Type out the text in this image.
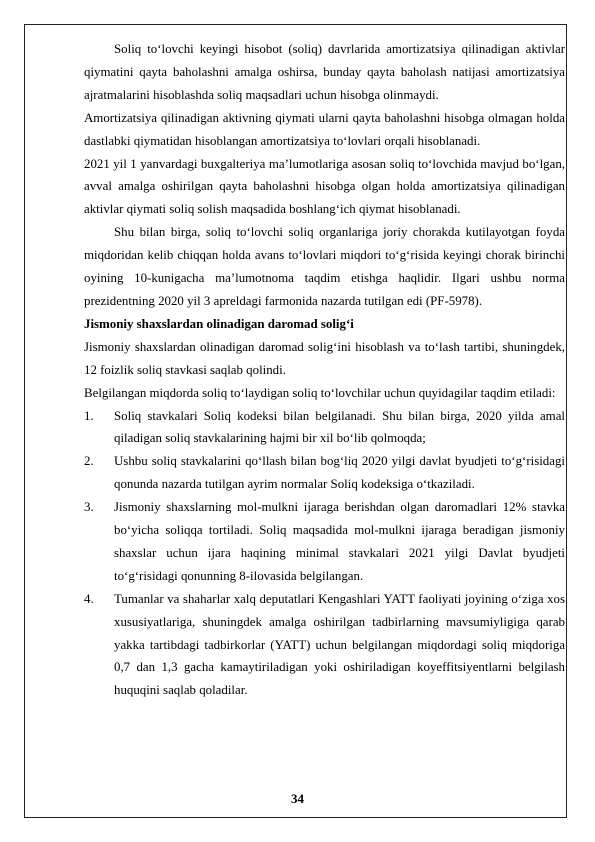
Soliq to‘lovchi keyingi hisobot (soliq) davrlarida amortizatsiya qilinadigan aktivlar qiymatini qayta baholashni amalga oshirsa, bunday qayta baholash natijasi amortizatsiya ajratmalarini hisoblashda soliq maqsadlari uchun hisobga olinmaydi.

Amortizatsiya qilinadigan aktivning qiymati ularni qayta baholashni hisobga olmagan holda dastlabki qiymatidan hisoblangan amortizatsiya to‘lovlari orqali hisoblanadi.

2021 yil 1 yanvardagi buxgalteriya ma’lumotlariga asosan soliq to‘lovchida mavjud bo‘lgan, avval amalga oshirilgan qayta baholashni hisobga olgan holda amortizatsiya qilinadigan aktivlar qiymati soliq solish maqsadida boshlang‘ich qiymat hisoblanadi.

Shu bilan birga, soliq to‘lovchi soliq organlariga joriy chorakda kutilayotgan foyda miqdoridan kelib chiqqan holda avans to‘lovlari miqdori to‘g‘risida keyingi chorak birinchi oyining 10-kunigacha ma’lumotnoma taqdim etishga haqlidir. Ilgari ushbu norma prezidentning 2020 yil 3 apreldagi farmonida nazarda tutilgan edi (PF-5978).

Jismoniy shaxslardan olinadigan daromad solig‘i

Jismoniy shaxslardan olinadigan daromad solig‘ini hisoblash va to‘lash tartibi, shuningdek, 12 foizlik soliq stavkasi saqlab qolindi.

Belgilangan miqdorda soliq to‘laydigan soliq to‘lovchilar uchun quyidagilar taqdim etiladi:

1.	Soliq stavkalari Soliq kodeksi bilan belgilanadi. Shu bilan birga, 2020 yilda amal qiladigan soliq stavkalarining hajmi bir xil bo‘lib qolmoqda;

2.	Ushbu soliq stavkalarini qo‘llash bilan bog‘liq 2020 yilgi davlat byudjeti to‘g‘risidagi qonunda nazarda tutilgan ayrim normalar Soliq kodeksiga o‘tkaziladi.

3.	Jismoniy shaxslarning mol-mulkni ijaraga berishdan olgan daromadlari 12% stavka bo‘yicha soliqqa tortiladi. Soliq maqsadida mol-mulkni ijaraga beradigan jismoniy shaxslar uchun ijara haqining minimal stavkalari 2021 yilgi Davlat byudjeti to‘g‘risidagi qonunning 8-ilovasida belgilangan.

4.	Tumanlar va shaharlar xalq deputatlari Kengashlari YATT faoliyati joyining o‘ziga xos xususiyatlariga, shuningdek amalga oshirilgan tadbirlarning mavsumiyligiga qarab yakka tartibdagi tadbirkorlar (YATT) uchun belgilangan miqdordagi soliq miqdoriga 0,7 dan 1,3 gacha kamaytiriladigan yoki oshiriladigan koyeffitsiyentlarni belgilash huquqini saqlab qoladilar.

34
